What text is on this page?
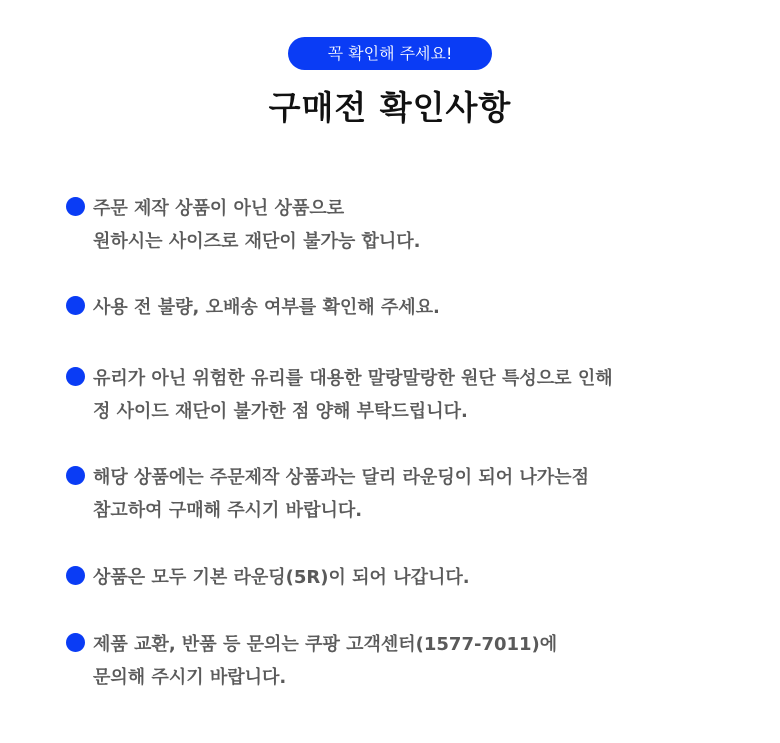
꼭 확인해 주세요!
구매전 확인사항
주문 제작 상품이 아닌 상품으로
원하시는 사이즈로 재단이 불가능 합니다.
사용 전 불량, 오배송 여부를 확인해 주세요.
유리가 아닌 위험한 유리를 대용한 말랑말랑한 원단 특성으로 인해
정 사이드 재단이 불가한 점 양해 부탁드립니다.
해당 상품에는 주문제작 상품과는 달리 라운딩이 되어 나가는점
참고하여 구매해 주시기 바랍니다.
상품은 모두 기본 라운딩(5R)이 되어 나갑니다.
제품 교환, 반품 등 문의는 쿠팡 고객센터(1577-7011)에
문의해 주시기 바랍니다.
